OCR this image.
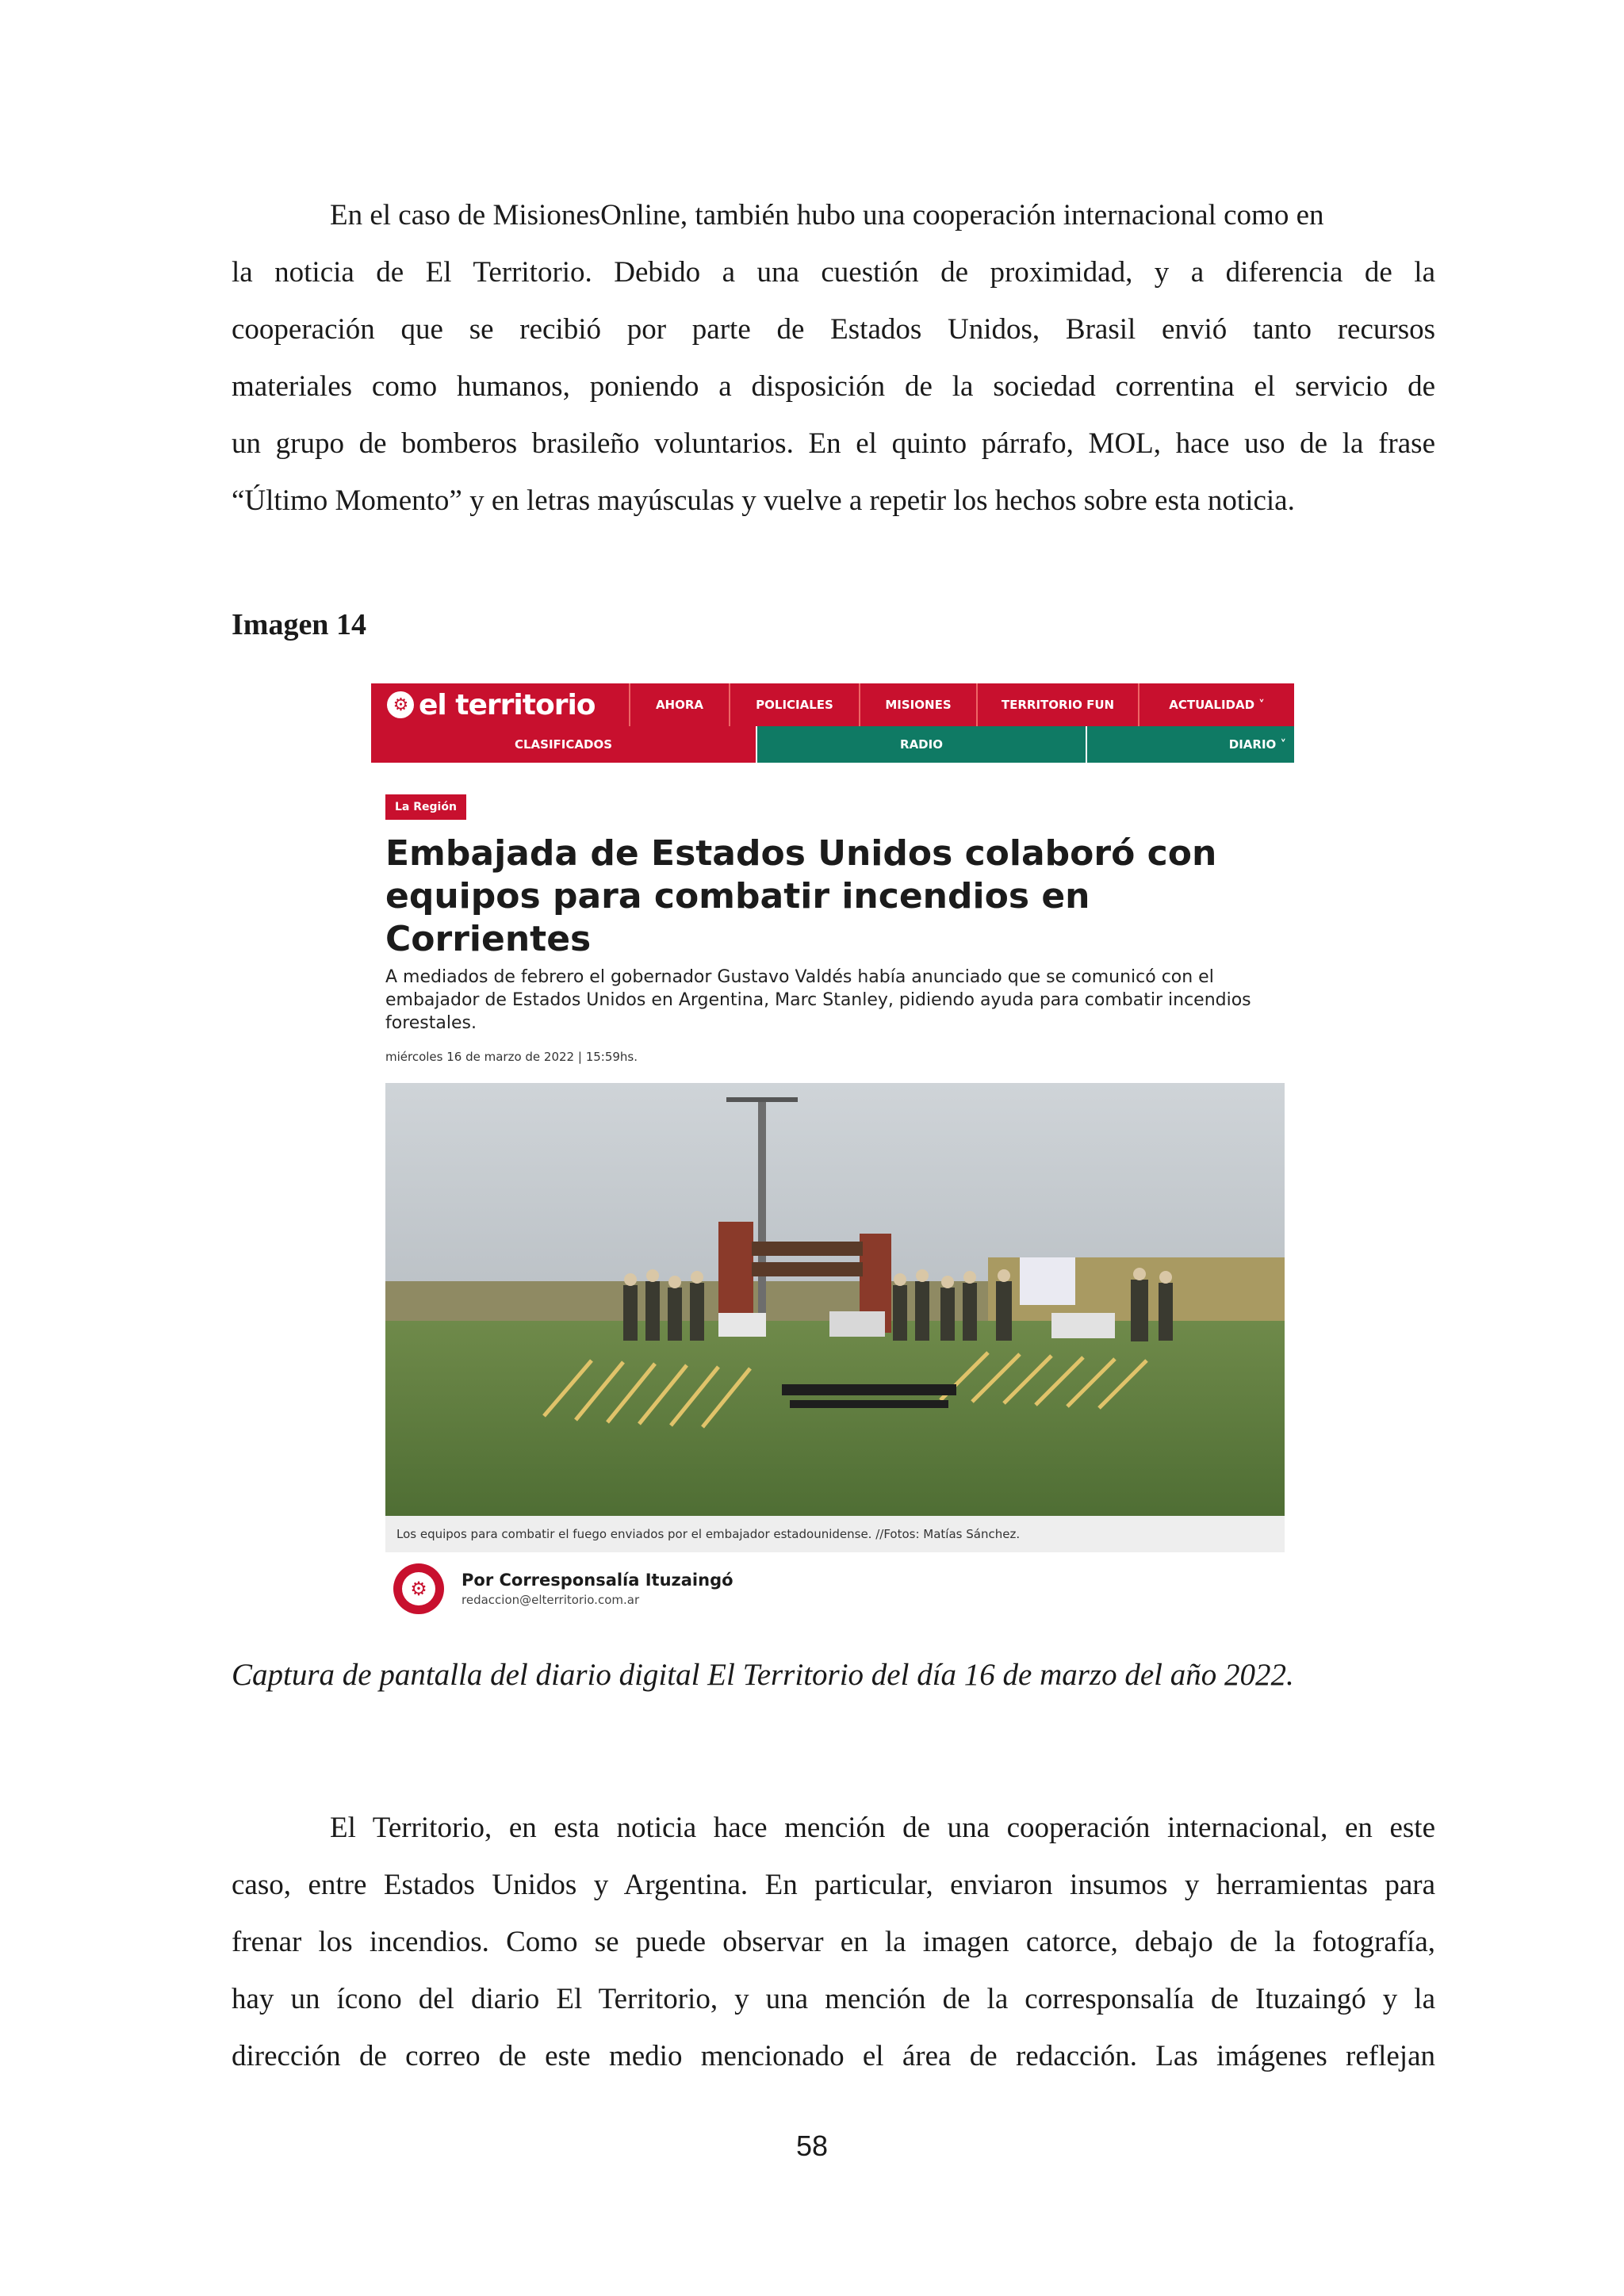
En el caso de MisionesOnline, también hubo una cooperación internacional como en
la noticia de El Territorio. Debido a una cuestión de proximidad, y a diferencia de la
cooperación que se recibió por parte de Estados Unidos, Brasil envió tanto recursos
materiales como humanos, poniendo a disposición de la sociedad correntina el servicio de
un grupo de bomberos brasileño voluntarios. En el quinto párrafo, MOL, hace uso de la frase
“Último Momento” y en letras mayúsculas y vuelve a repetir los hechos sobre esta noticia.

Imagen 14

⚙ el territorio	AHORA	POLICIALES	MISIONES	TERRITORIO FUN	ACTUALIDAD ˅
CLASIFICADOS	RADIO	DIARIO ˅
La Región

Embajada de Estados Unidos colaboró con equipos para combatir incendios en Corrientes

A mediados de febrero el gobernador Gustavo Valdés había anunciado que se comunicó con el embajador de Estados Unidos en Argentina, Marc Stanley, pidiendo ayuda para combatir incendios forestales.

miércoles 16 de marzo de 2022 | 15:59hs.
Los equipos para combatir el fuego enviados por el embajador estadounidense. //Fotos: Matías Sánchez.
⚙	Por Corresponsalía Ituzaingó
redaccion@elterritorio.com.ar

Captura de pantalla del diario digital El Territorio del día 16 de marzo del año 2022.

El Territorio, en esta noticia hace mención de una cooperación internacional, en este
caso, entre Estados Unidos y Argentina. En particular, enviaron insumos y herramientas para
frenar los incendios. Como se puede observar en la imagen catorce, debajo de la fotografía,
hay un ícono del diario El Territorio, y una mención de la corresponsalía de Ituzaingó y la
dirección de correo de este medio mencionado el área de redacción. Las imágenes reflejan
58
